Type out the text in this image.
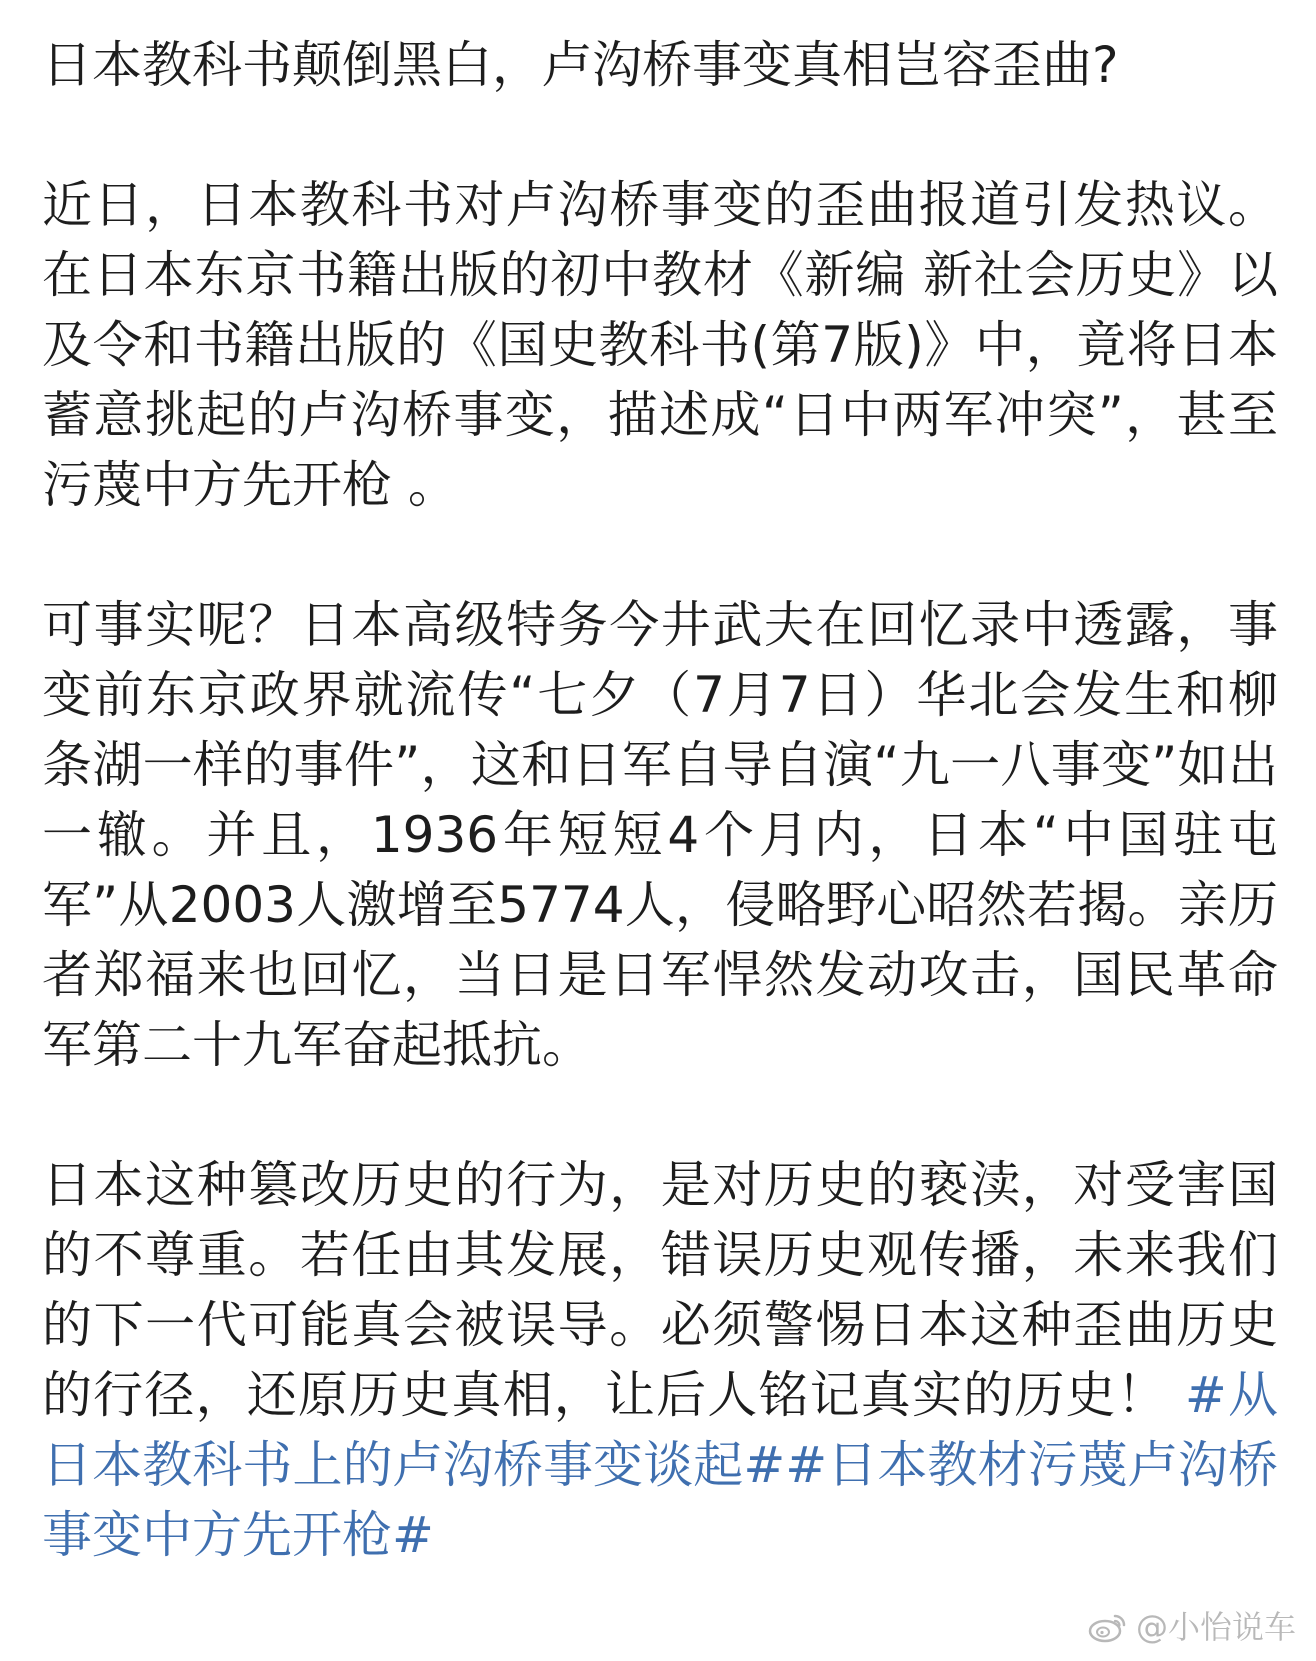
日本教科书颠倒黑白，卢沟桥事变真相岂容歪曲?

近日，日本教科书对卢沟桥事变的歪曲报道引发热议。在日本东京书籍出版的初中教材《新编 新社会历史》以及令和书籍出版的《国史教科书(第7版)》中，竟将日本蓄意挑起的卢沟桥事变，描述成“日中两军冲突”，甚至污蔑中方先开枪 。

可事实呢？日本高级特务今井武夫在回忆录中透露，事变前东京政界就流传“七夕（7月7日）华北会发生和柳条湖一样的事件”，这和日军自导自演“九一八事变”如出一辙。并且，1936年短短4个月内，日本“中国驻屯军”从2003人激增至5774人，侵略野心昭然若揭。亲历者郑福来也回忆，当日是日军悍然发动攻击，国民革命军第二十九军奋起抵抗。

日本这种篡改历史的行为，是对历史的亵渎，对受害国的不尊重。若任由其发展，错误历史观传播，未来我们的下一代可能真会被误导。必须警惕日本这种歪曲历史的行径，还原历史真相，让后人铭记真实的历史！ #从日本教科书上的卢沟桥事变谈起##日本教材污蔑卢沟桥事变中方先开枪#

@小怡说车
